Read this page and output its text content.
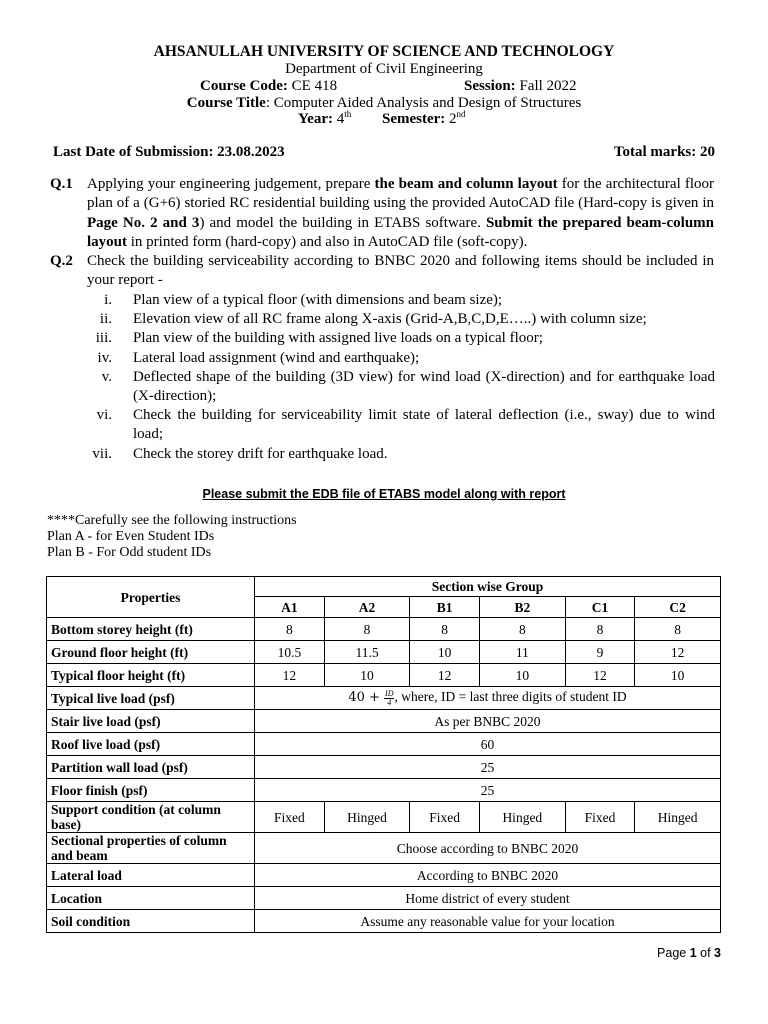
AHSANULLAH UNIVERSITY OF SCIENCE AND TECHNOLOGY
Department of Civil Engineering
Course Code: CE 418	Session: Fall 2022
Course Title: Computer Aided Analysis and Design of Structures
Year: 4th Semester: 2nd
Last Date of Submission: 23.08.2023	Total marks: 20
Q.1 Applying your engineering judgement, prepare the beam and column layout for the architectural floor plan of a (G+6) storied RC residential building using the provided AutoCAD file (Hard-copy is given in Page No. 2 and 3) and model the building in ETABS software. Submit the prepared beam-column layout in printed form (hard-copy) and also in AutoCAD file (soft-copy).
Q.2 Check the building serviceability according to BNBC 2020 and following items should be included in your report -
i. Plan view of a typical floor (with dimensions and beam size);
ii. Elevation view of all RC frame along X-axis (Grid-A,B,C,D,E…..) with column size;
iii. Plan view of the building with assigned live loads on a typical floor;
iv. Lateral load assignment (wind and earthquake);
v. Deflected shape of the building (3D view) for wind load (X-direction) and for earthquake load (X-direction);
vi. Check the building for serviceability limit state of lateral deflection (i.e., sway) due to wind load;
vii. Check the storey drift for earthquake load.
Please submit the EDB file of ETABS model along with report
****Carefully see the following instructions
Plan A - for Even Student IDs
Plan B - For Odd student IDs
Properties	Section wise Group					
	A1	A2	B1	B2	C1	C2
Bottom storey height (ft)	8	8	8	8	8	8
Ground floor height (ft)	10.5	11.5	10	11	9	12
Typical floor height (ft)	12	10	12	10	12	10
Typical live load (psf)	$40 + \frac{ID}{4}$ , where, ID = last three digits of student ID					
Stair live load (psf)	As per BNBC 2020					
Roof live load (psf)	60					
Partition wall load (psf)	25					
Floor finish (psf)	25					
Support condition (at column base)	Fixed	Hinged	Fixed	Hinged	Fixed	Hinged
Sectional properties of column and beam	Choose according to BNBC 2020					
Lateral load	According to BNBC 2020					
Location	Home district of every student					
Soil condition	Assume any reasonable value for your location					
Page 1 of 3
